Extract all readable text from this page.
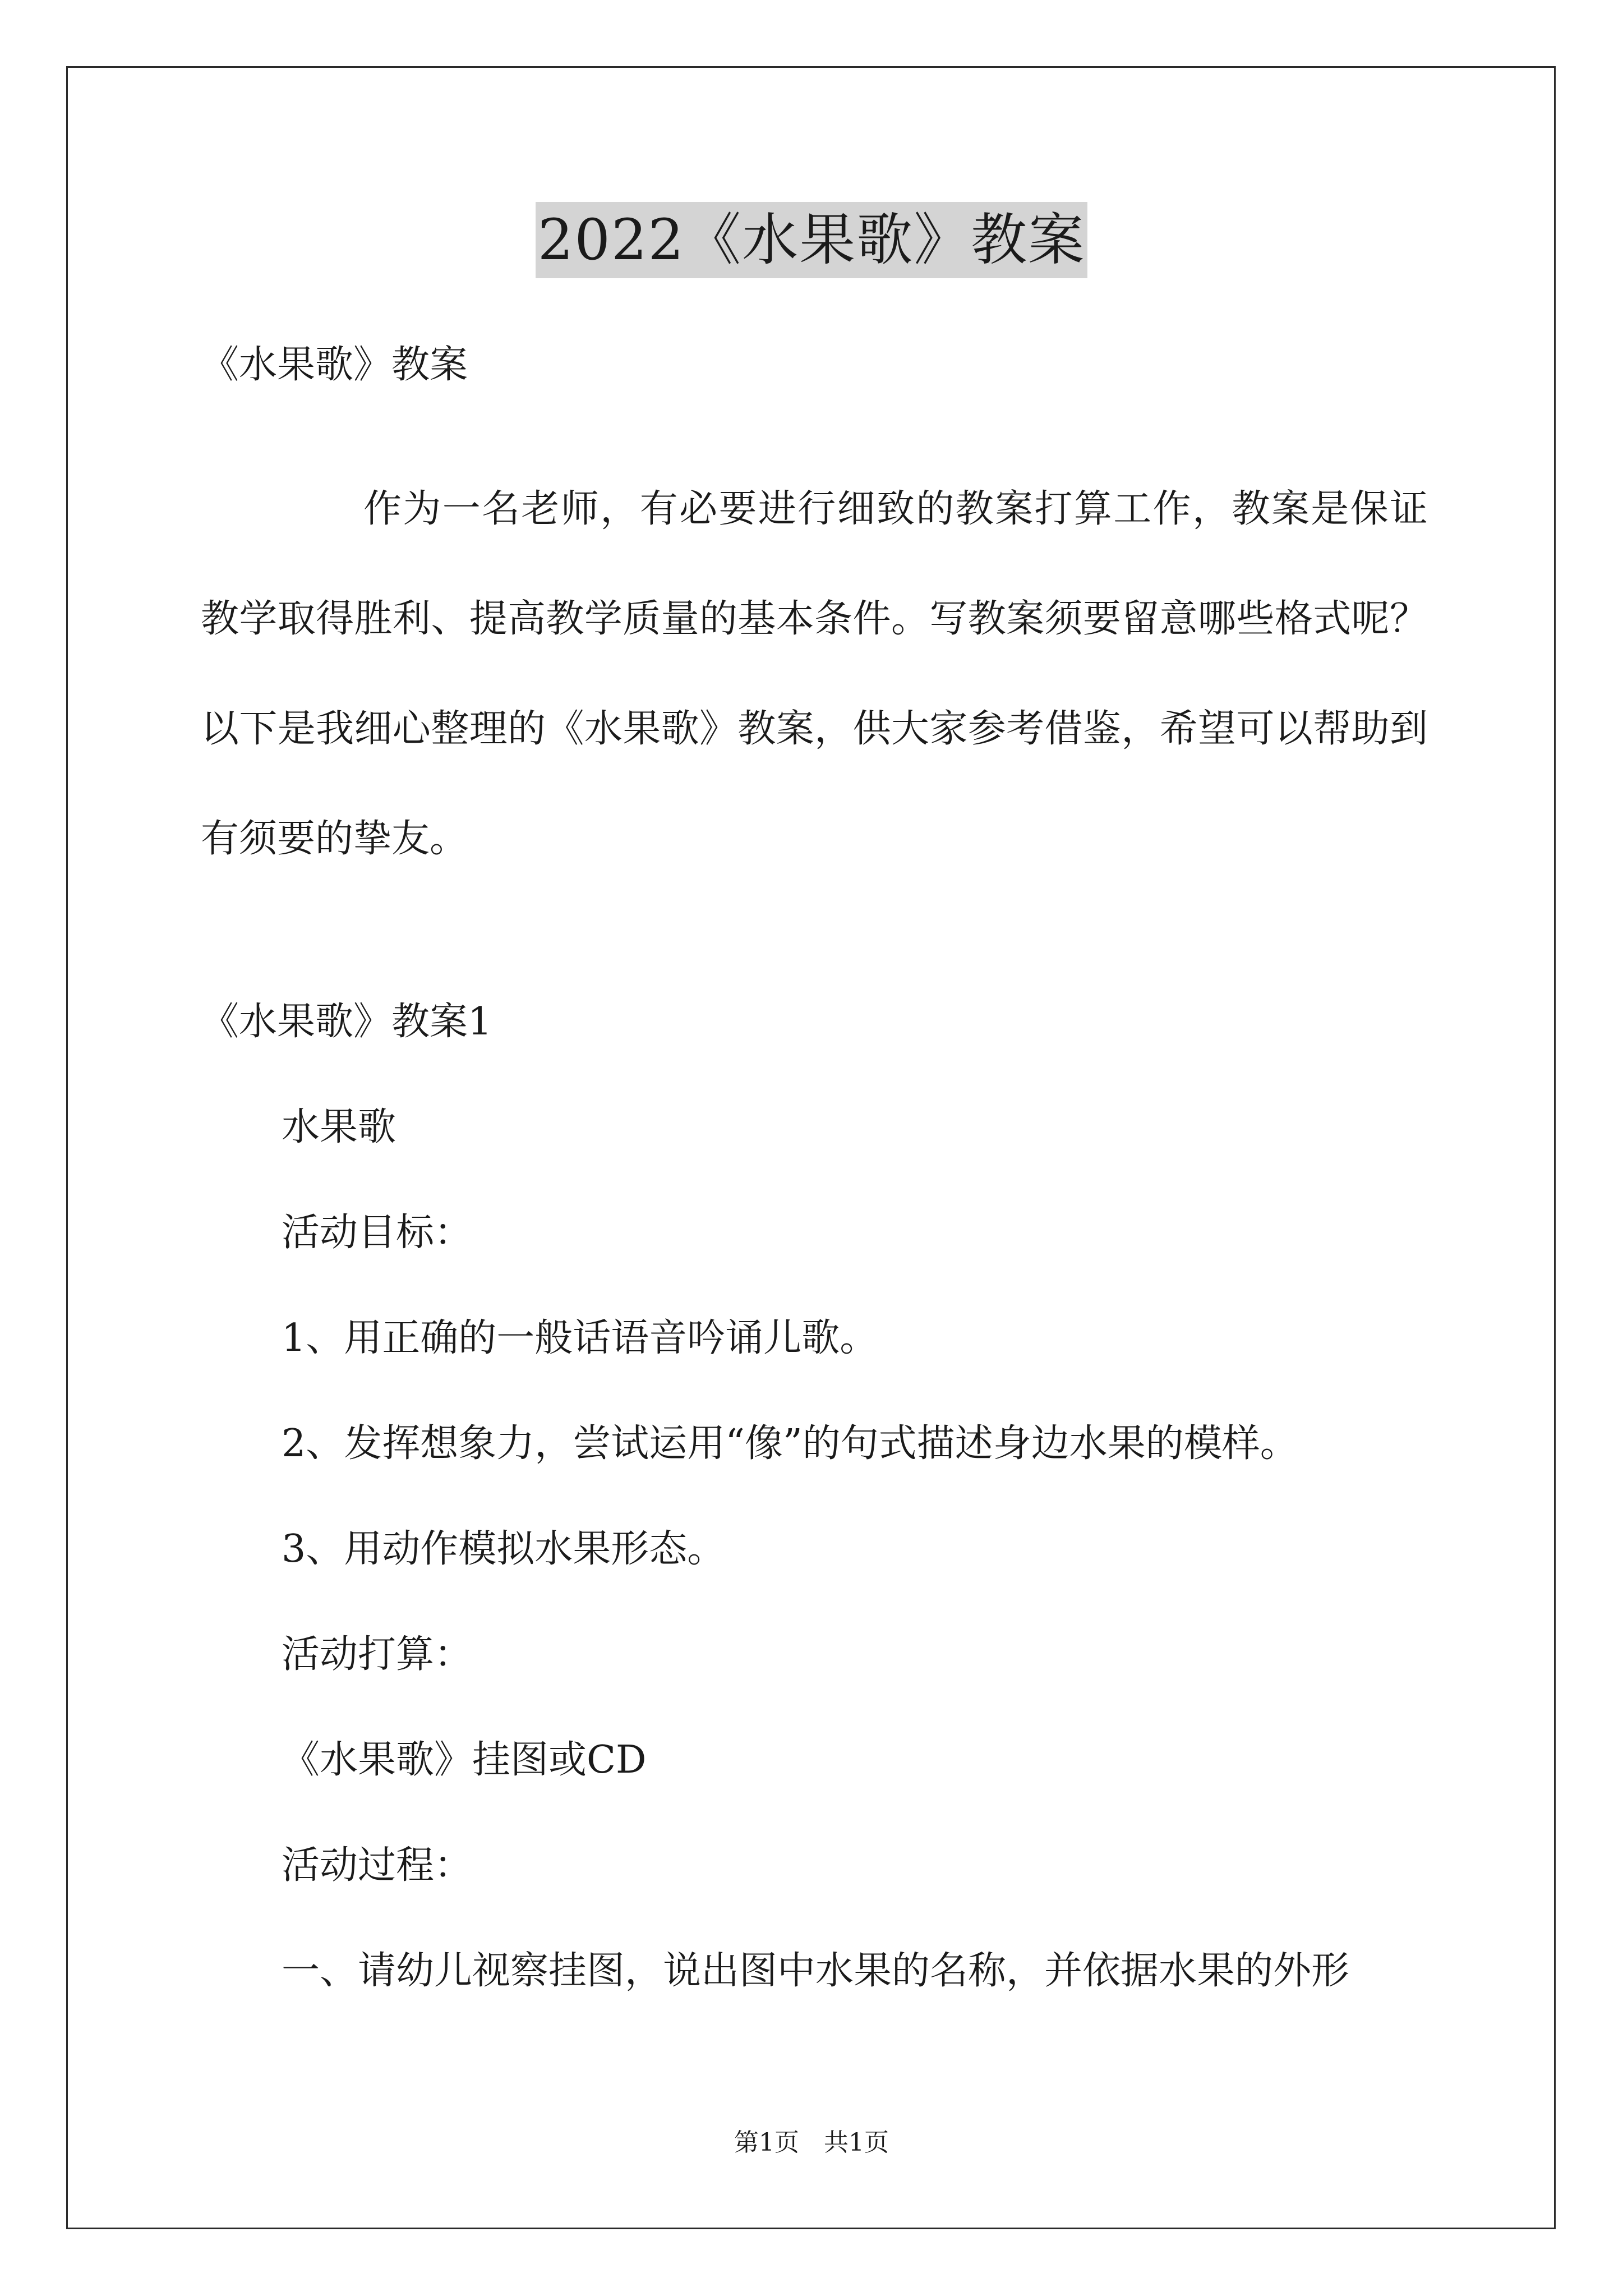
2022《水果歌》教案
《水果歌》教案

作为一名老师，有必要进行细致的教案打算工作，教案是保证教学取得胜利、提高教学质量的基本条件。写教案须要留意哪些格式呢？以下是我细心整理的《水果歌》教案，供大家参考借鉴，希望可以帮助到有须要的挚友。

《水果歌》教案1
水果歌
活动目标：
1、用正确的一般话语音吟诵儿歌。
2、发挥想象力，尝试运用“像”的句式描述身边水果的模样。
3、用动作模拟水果形态。
活动打算：
《水果歌》挂图或CD
活动过程：
一、请幼儿视察挂图，说出图中水果的名称，并依据水果的外形
第1页　共1页
